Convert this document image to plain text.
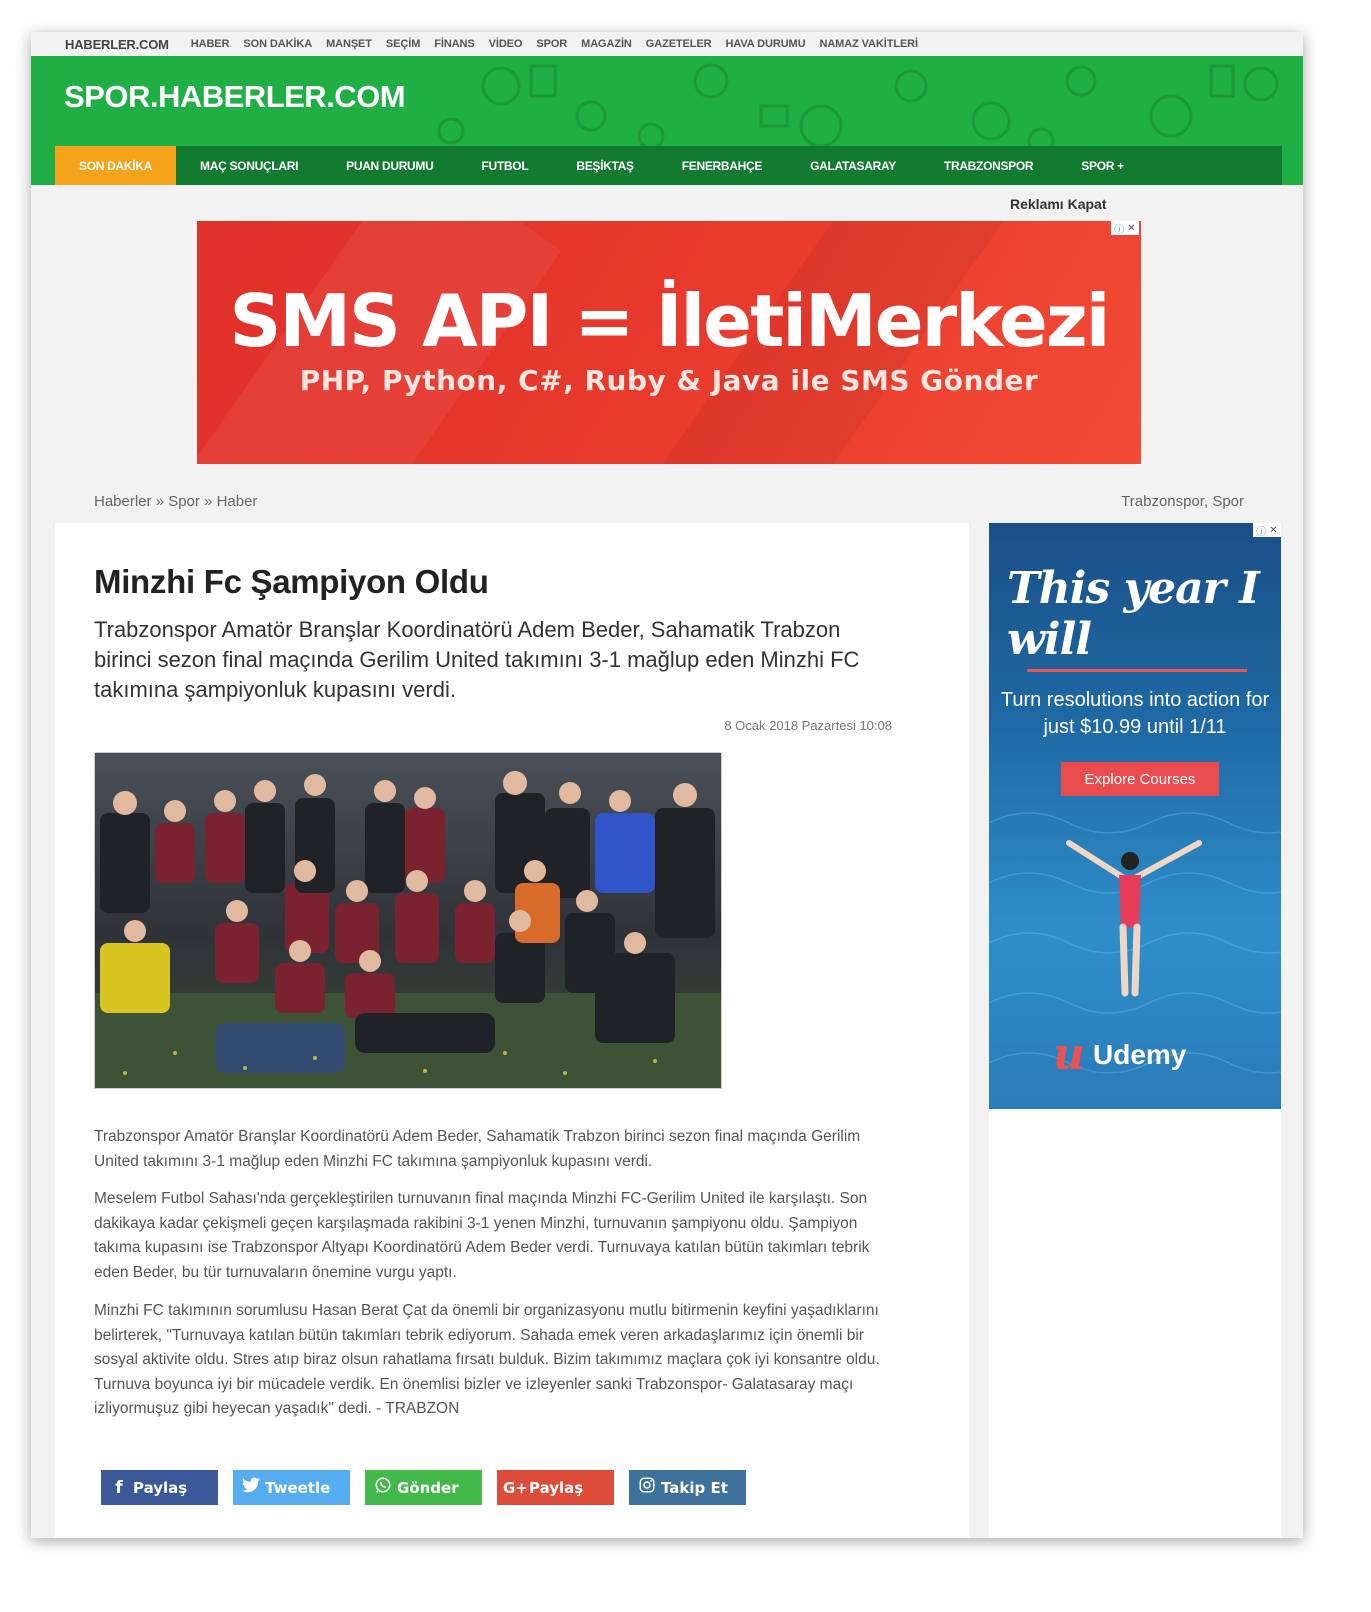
HABERLER.COM HABER SON DAKİKA MANŞET SEÇİM FİNANS VİDEO SPOR MAGAZİN GAZETELER HAVA DURUMU NAMAZ VAKİTLERİ
SPOR.HABERLER.COM
SON DAKİKA	MAÇ SONUÇLARI	PUAN DURUMU	FUTBOL	BEŞİKTAŞ	FENERBAHÇE	GALATASARAY	TRABZONSPOR	SPOR +
Reklamı Kapat
SMS API = İletiMerkezi
PHP, Python, C#, Ruby & Java ile SMS Gönder
ⓘ ✕
Haberler » Spor » Haber	Trabzonspor, Spor
Minzhi Fc Şampiyon Oldu
Trabzonspor Amatör Branşlar Koordinatörü Adem Beder, Sahamatik Trabzon birinci sezon final maçında Gerilim United takımını 3-1 mağlup eden Minzhi FC takımına şampiyonluk kupasını verdi.
8 Ocak 2018 Pazartesi 10:08
Trabzonspor Amatör Branşlar Koordinatörü Adem Beder, Sahamatik Trabzon birinci sezon final maçında Gerilim United takımını 3-1 mağlup eden Minzhi FC takımına şampiyonluk kupasını verdi.
Meselem Futbol Sahası'nda gerçekleştirilen turnuvanın final maçında Minzhi FC-Gerilim United ile karşılaştı. Son dakikaya kadar çekişmeli geçen karşılaşmada rakibini 3-1 yenen Minzhi, turnuvanın şampiyonu oldu. Şampiyon takıma kupasını ise Trabzonspor Altyapı Koordinatörü Adem Beder verdi. Turnuvaya katılan bütün takımları tebrik eden Beder, bu tür turnuvaların önemine vurgu yaptı.
Minzhi FC takımının sorumlusu Hasan Berat Çat da önemli bir organizasyonu mutlu bitirmenin keyfini yaşadıklarını belirterek, "Turnuvaya katılan bütün takımları tebrik ediyorum. Sahada emek veren arkadaşlarımız için önemli bir sosyal aktivite oldu. Stres atıp biraz olsun rahatlama fırsatı bulduk. Bizim takımımız maçlara çok iyi konsantre oldu. Turnuva boyunca iyi bir mücadele verdik. En önemlisi bizler ve izleyenler sanki Trabzonspor- Galatasaray maçı izliyormuşuz gibi heyecan yaşadık" dedi. - TRABZON
f Paylaş	Tweetle	Gönder	G+ Paylaş	Takip Et
This year I will
Turn resolutions into action for just $10.99 until 1/11
Explore Courses
u Udemy
ⓘ ✕
